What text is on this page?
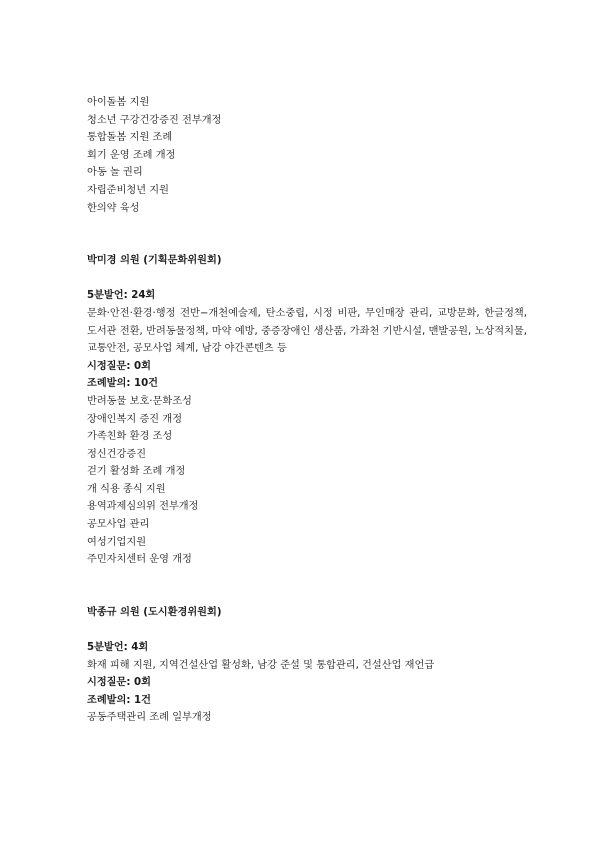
아이돌봄 지원
청소년 구강건강증진 전부개정
통합돌봄 지원 조례
회기 운영 조례 개정
아동 놀 권리
자립준비청년 지원
한의약 육성
박미경 의원 (기획문화위원회)
5분발언: 24회
문화·안전·환경·행정 전반−개천예술제, 탄소중립, 시정 비판, 무인매장 관리, 교방문화, 한글정책, 도서관 전환, 반려동물정책, 마약 예방, 중증장애인 생산품, 가좌천 기반시설, 맨발공원, 노상적치물, 교통안전, 공모사업 체계, 남강 야간콘텐츠 등
시정질문: 0회
조례발의: 10건
반려동물 보호·문화조성
장애인복지 증진 개정
가족친화 환경 조성
정신건강증진
걷기 활성화 조례 개정
개 식용 종식 지원
용역과제심의위 전부개정
공모사업 관리
여성기업지원
주민자치센터 운영 개정
박종규 의원 (도시환경위원회)
5분발언: 4회
화재 피해 지원, 지역건설산업 활성화, 남강 준설 및 통합관리, 건설산업 재언급
시정질문: 0회
조례발의: 1건
공동주택관리 조례 일부개정
